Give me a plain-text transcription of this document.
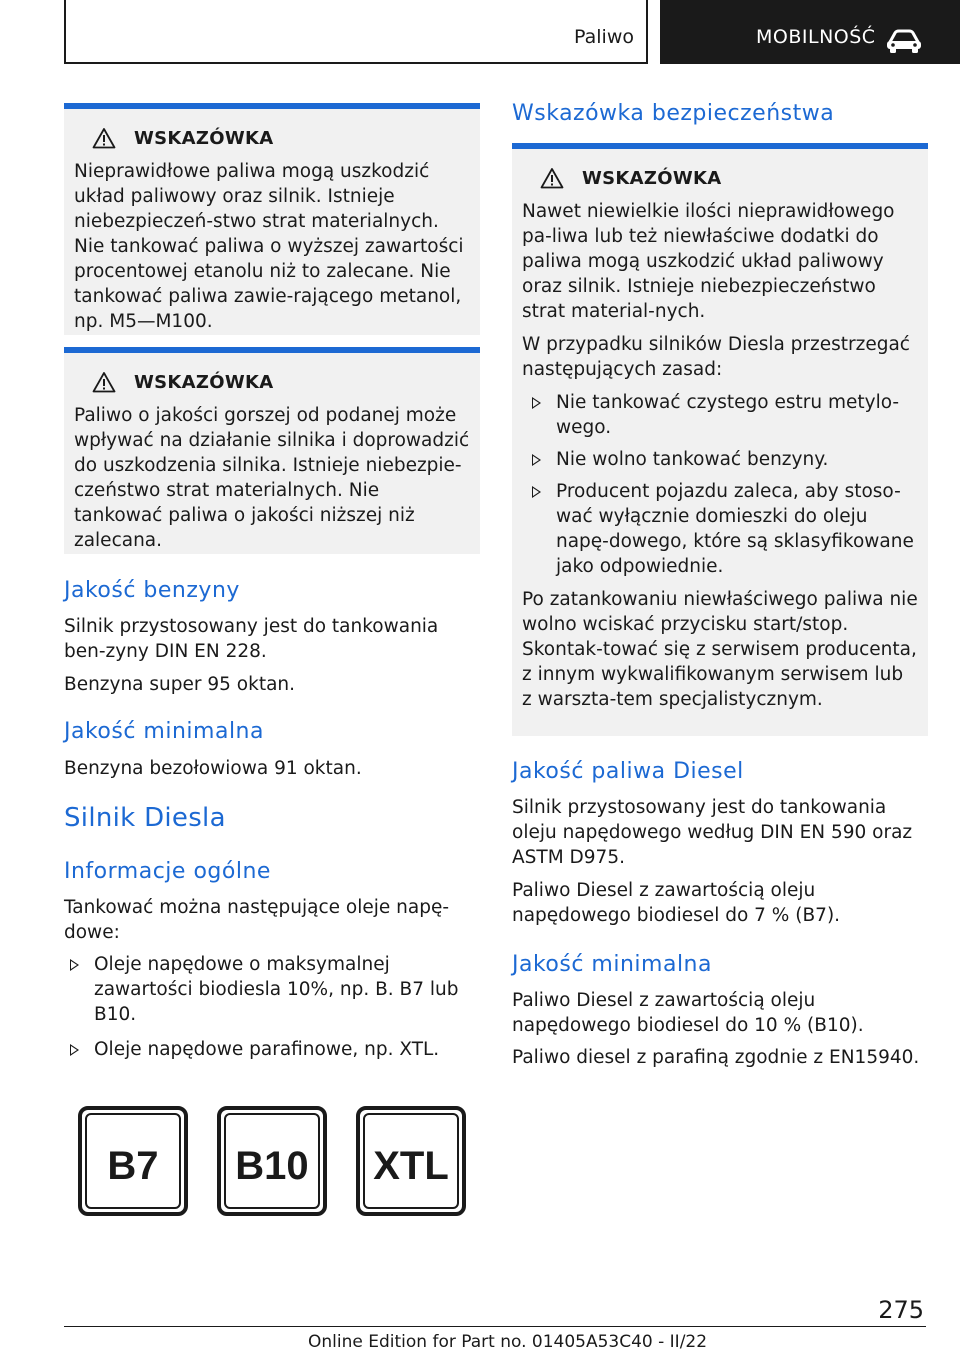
Paliwo	MOBILNOŚĆ
WSKAZÓWKA

Nieprawidłowe paliwa mogą uszkodzić układ paliwowy oraz silnik. Istnieje niebezpieczeń-stwo strat materialnych. Nie tankować paliwa o wyższej zawartości procentowej etanolu niż to zalecane. Nie tankować paliwa zawie-rającego metanol, np. M5—M100.

WSKAZÓWKA

Paliwo o jakości gorszej od podanej może wpływać na działanie silnika i doprowadzić do uszkodzenia silnika. Istnieje niebezpie-czeństwo strat materialnych. Nie tankować paliwa o jakości niższej niż zalecana.

Jakość benzyny

Silnik przystosowany jest do tankowania ben-zyny DIN EN 228.

Benzyna super 95 oktan.

Jakość minimalna

Benzyna bezołowiowa 91 oktan.

Silnik Diesla
Informacje ogólne

Tankować można następujące oleje napę-dowe:

Oleje napędowe o maksymalnej zawartości biodiesla 10%, np. B. B7 lub B10.
Oleje napędowe parafinowe, np. XTL.
B7	B10	XTL
Wskazówka bezpieczeństwa
WSKAZÓWKA

Nawet niewielkie ilości nieprawidłowego pa-liwa lub też niewłaściwe dodatki do paliwa mogą uszkodzić układ paliwowy oraz silnik. Istnieje niebezpieczeństwo strat material-nych.

W przypadku silników Diesla przestrzegać następujących zasad:

Nie tankować czystego estru metylo-wego.
Nie wolno tankować benzyny.
Producent pojazdu zaleca, aby stoso-wać wyłącznie domieszki do oleju napę-dowego, które są sklasyfikowane jako odpowiednie.

Po zatankowaniu niewłaściwego paliwa nie wolno wciskać przycisku start/stop. Skontak-tować się z serwisem producenta, z innym wykwalifikowanym serwisem lub z warszta-tem specjalistycznym.

Jakość paliwa Diesel

Silnik przystosowany jest do tankowania oleju napędowego według DIN EN 590 oraz ASTM D975.

Paliwo Diesel z zawartością oleju napędowego biodiesel do 7 % (B7).

Jakość minimalna

Paliwo Diesel z zawartością oleju napędowego biodiesel do 10 % (B10).

Paliwo diesel z parafiną zgodnie z EN15940.

275
Online Edition for Part no. 01405A53C40 - II/22
